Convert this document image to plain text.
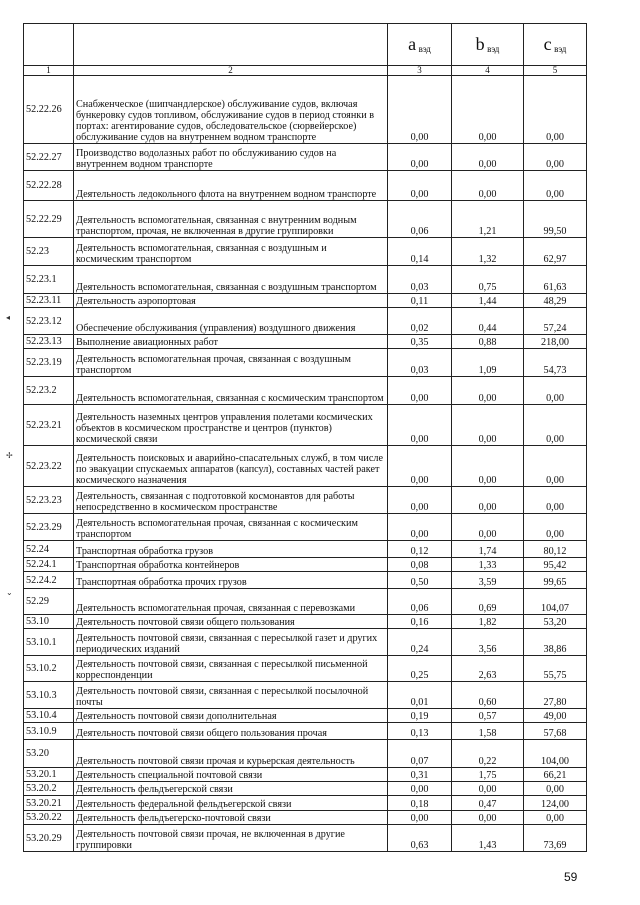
		a вэд	b вэд	c вэд
1	2	3	4	5
52.22.26	Снабженческое (шипчандлерское) обслуживание судов, включая бункеровку судов топливом, обслуживание судов в период стоянки в портах: агентирование судов, обследовательское (сюрвейерское) обслуживание судов на внутреннем водном транспорте	0,00	0,00	0,00
52.22.27	Производство водолазных работ по обслуживанию судов на внутреннем водном транспорте	0,00	0,00	0,00
52.22.28	Деятельность ледокольного флота на внутреннем водном транспорте	0,00	0,00	0,00
52.22.29	Деятельность вспомогательная, связанная с внутренним водным транспортом, прочая, не включенная в другие группировки	0,06	1,21	99,50
52.23	Деятельность вспомогательная, связанная с воздушным и космическим транспортом	0,14	1,32	62,97
52.23.1	Деятельность вспомогательная, связанная с воздушным транспортом	0,03	0,75	61,63
52.23.11	Деятельность аэропортовая	0,11	1,44	48,29
52.23.12	Обеспечение обслуживания (управления) воздушного движения	0,02	0,44	57,24
52.23.13	Выполнение авиационных работ	0,35	0,88	218,00
52.23.19	Деятельность вспомогательная прочая, связанная с воздушным транспортом	0,03	1,09	54,73
52.23.2	Деятельность вспомогательная, связанная с космическим транспортом	0,00	0,00	0,00
52.23.21	Деятельность наземных центров управления полетами космических объектов в космическом пространстве и центров (пунктов) космической связи	0,00	0,00	0,00
52.23.22	Деятельность поисковых и аварийно-спасательных служб, в том числе по эвакуации спускаемых аппаратов (капсул), составных частей ракет космического назначения	0,00	0,00	0,00
52.23.23	Деятельность, связанная с подготовкой космонавтов для работы непосредственно в космическом пространстве	0,00	0,00	0,00
52.23.29	Деятельность вспомогательная прочая, связанная с космическим транспортом	0,00	0,00	0,00
52.24	Транспортная обработка грузов	0,12	1,74	80,12
52.24.1	Транспортная обработка контейнеров	0,08	1,33	95,42
52.24.2	Транспортная обработка прочих грузов	0,50	3,59	99,65
52.29	Деятельность вспомогательная прочая, связанная с перевозками	0,06	0,69	104,07
53.10	Деятельность почтовой связи общего пользования	0,16	1,82	53,20
53.10.1	Деятельность почтовой связи, связанная с пересылкой газет и других периодических изданий	0,24	3,56	38,86
53.10.2	Деятельность почтовой связи, связанная с пересылкой письменной корреспонденции	0,25	2,63	55,75
53.10.3	Деятельность почтовой связи, связанная с пересылкой посылочной почты	0,01	0,60	27,80
53.10.4	Деятельность почтовой связи дополнительная	0,19	0,57	49,00
53.10.9	Деятельность почтовой связи общего пользования прочая	0,13	1,58	57,68
53.20	Деятельность почтовой связи прочая и курьерская деятельность	0,07	0,22	104,00
53.20.1	Деятельность специальной почтовой связи	0,31	1,75	66,21
53.20.2	Деятельность фельдъегерской связи	0,00	0,00	0,00
53.20.21	Деятельность федеральной фельдъегерской связи	0,18	0,47	124,00
53.20.22	Деятельность фельдъегерско-почтовой связи	0,00	0,00	0,00
53.20.29	Деятельность почтовой связи прочая, не включенная в другие группировки	0,63	1,43	73,69
◂
✢
⌄
59
